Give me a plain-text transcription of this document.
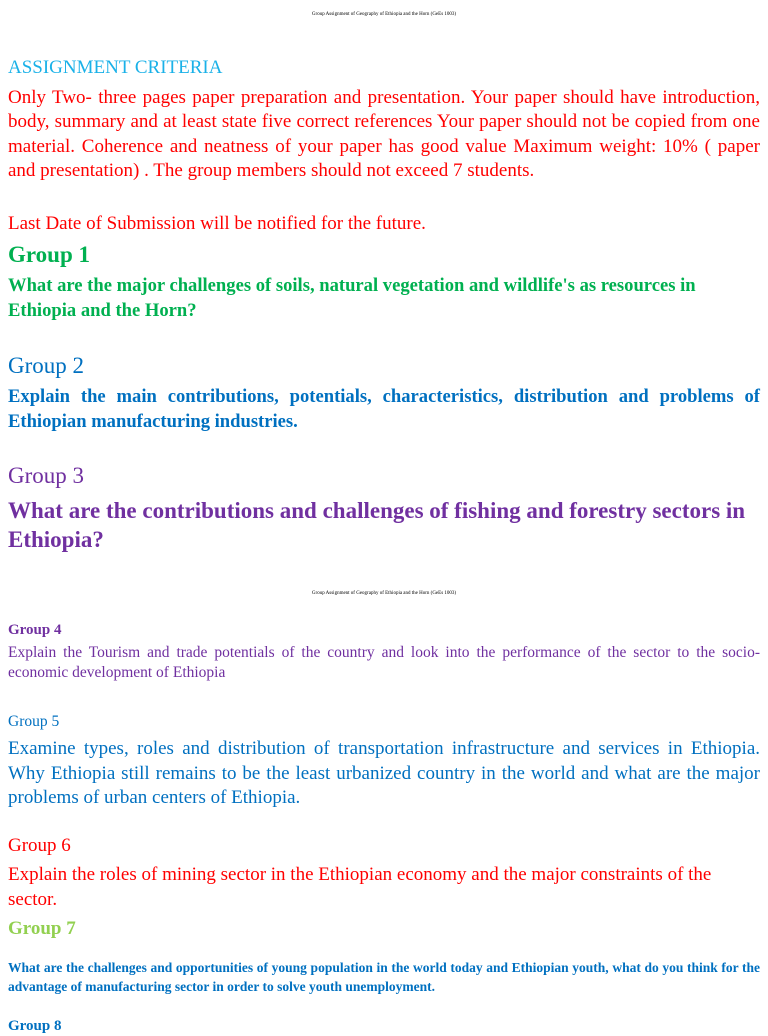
Group Assignment of Geography of Ethiopia and the Horn (GeEs 1003)
ASSIGNMENT CRITERIA
Only Two- three pages paper preparation and presentation. Your paper should have introduction, body, summary and at least state five correct references Your paper should not be copied from one material. Coherence and neatness of your paper has good value Maximum weight: 10% ( paper and presentation) . The group members should not exceed 7 students.
Last Date of Submission will be notified for the future.
Group 1
What are the major challenges of soils, natural vegetation and wildlife's as resources in Ethiopia and the Horn?
Group 2
Explain the main contributions, potentials, characteristics, distribution and problems of Ethiopian manufacturing industries.
Group 3
What are the contributions and challenges of fishing and forestry sectors in Ethiopia?
Group Assignment of Geography of Ethiopia and the Horn (GeEs 1003)
Group 4
Explain the Tourism and trade potentials of the country and look into the performance of the sector to the socio-economic development of Ethiopia
Group 5
Examine types, roles and distribution of transportation infrastructure and services in Ethiopia. Why Ethiopia still remains to be the least urbanized country in the world and what are the major problems of urban centers of Ethiopia.
Group 6
Explain the roles of mining sector in the Ethiopian economy and the major constraints of the sector.
Group 7
What are the challenges and opportunities of young population in the world today and Ethiopian youth, what do you think for the advantage of manufacturing sector in order to solve youth unemployment.
Group 8
